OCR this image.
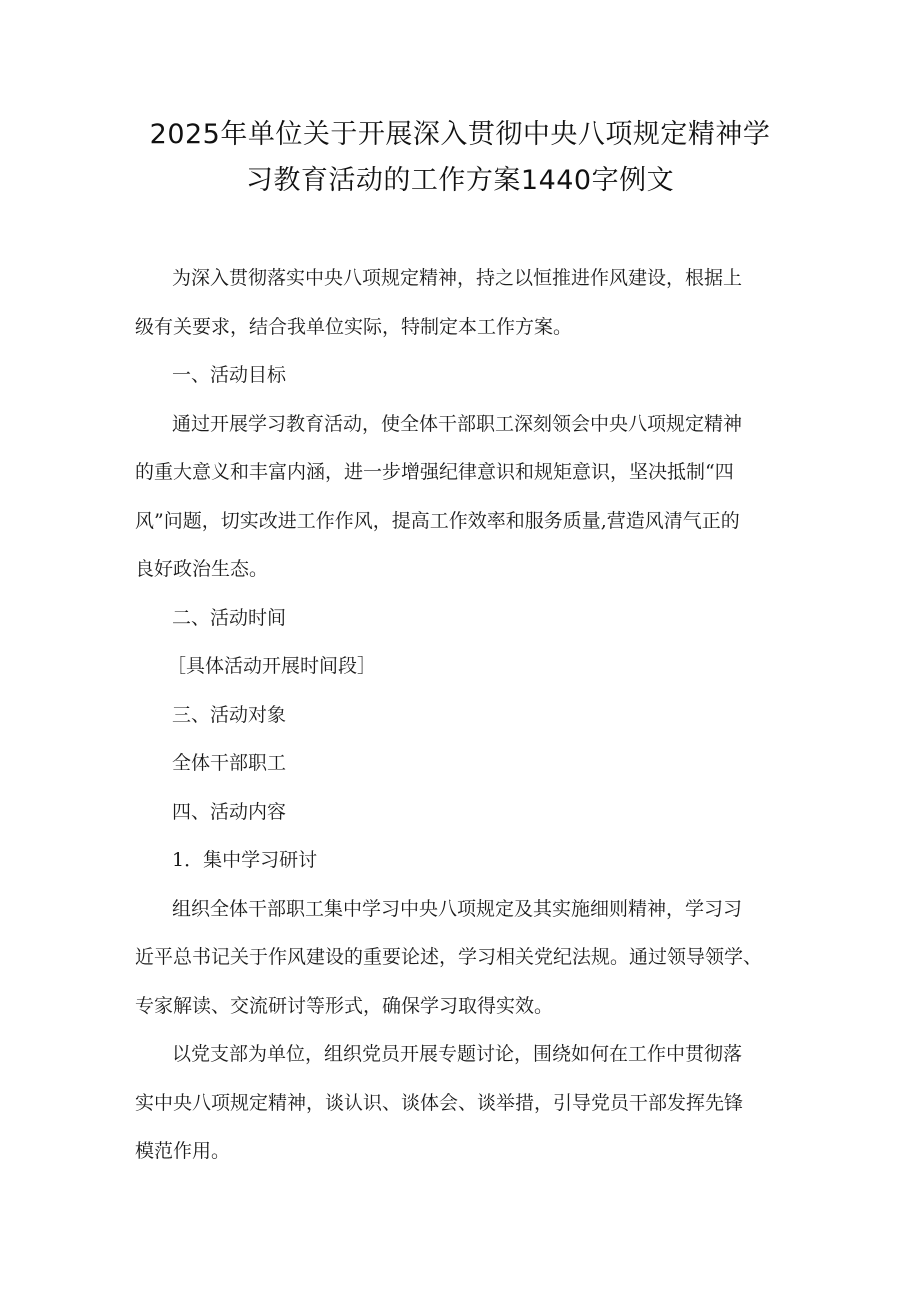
2025年单位关于开展深入贯彻中央八项规定精神学
习教育活动的工作方案1440字例文
为深入贯彻落实中央八项规定精神，持之以恒推进作风建设，根据上
级有关要求，结合我单位实际，特制定本工作方案。
一、活动目标
通过开展学习教育活动，使全体干部职工深刻领会中央八项规定精神
的重大意义和丰富内涵，进一步增强纪律意识和规矩意识，坚决抵制“四
风”问题，切实改进工作作风，提高工作效率和服务质量,营造风清气正的
良好政治生态。
二、活动时间
［具体活动开展时间段］
三、活动对象
全体干部职工
四、活动内容
1．集中学习研讨
组织全体干部职工集中学习中央八项规定及其实施细则精神，学习习
近平总书记关于作风建设的重要论述，学习相关党纪法规。通过领导领学、
专家解读、交流研讨等形式，确保学习取得实效。
以党支部为单位，组织党员开展专题讨论，围绕如何在工作中贯彻落
实中央八项规定精神，谈认识、谈体会、谈举措，引导党员干部发挥先锋
模范作用。
